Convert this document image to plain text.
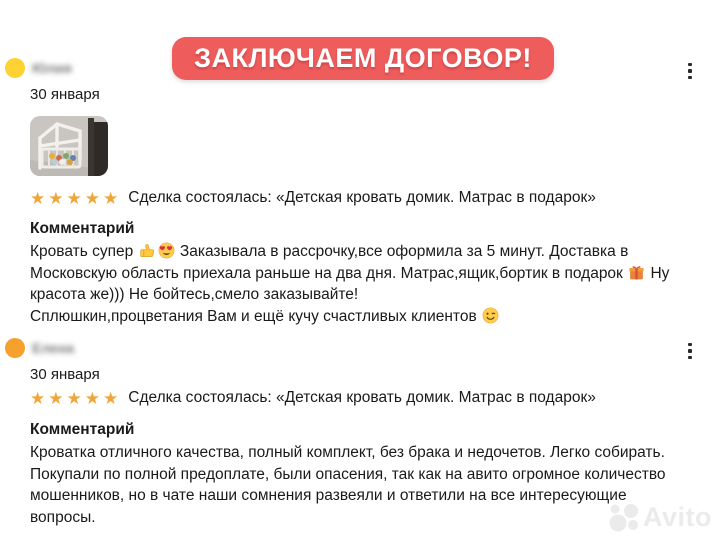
ЗАКЛЮЧАЕМ ДОГОВОР!
Юлия
30 января
★ ★ ★ ★ ★ Сделка состоялась: «Детская кровать домик. Матрас в подарок»
Комментарий
Кровать супер
Заказывала в рассрочку,все оформила за 5 минут. Доставка в Московскую область приехала раньше на два дня. Матрас,ящик,бортик в подарок
Ну красота же))) Не бойтесь,смело заказывайте!
Сплюшкин,процветания Вам и ещё кучу счастливых клиентов
Елена
30 января
★ ★ ★ ★ ★ Сделка состоялась: «Детская кровать домик. Матрас в подарок»
Комментарий
Кроватка отличного качества, полный комплект, без брака и недочетов. Легко собирать. Покупали по полной предоплате, были опасения, так как на авито огромное количество мошенников, но в чате наши сомнения развеяли и ответили на все интересующие вопросы.	Avito
